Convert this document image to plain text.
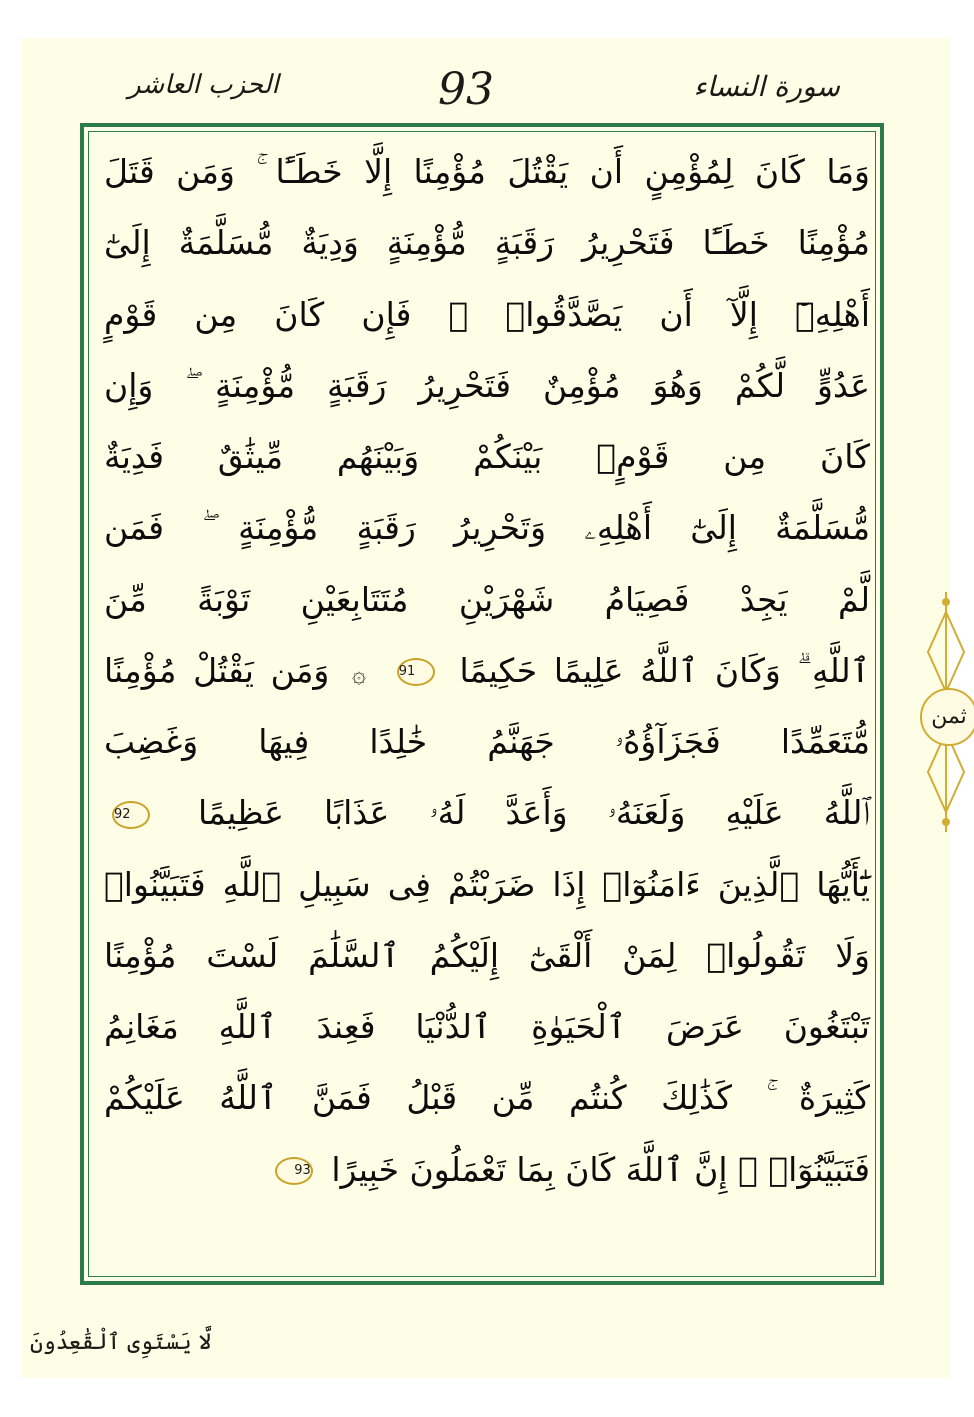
الحزب العاشر	93	سورة النساء
وَمَا كَانَ لِمُؤْمِنٍ أَن يَقْتُلَ مُؤْمِنًا إِلَّا خَطَـًٔا ۚ وَمَن قَتَلَ
مُؤْمِنًا خَطَـًٔا فَتَحْرِيرُ رَقَبَةٍ مُّؤْمِنَةٍ وَدِيَةٌ مُّسَلَّمَةٌ إِلَىٰٓ
أَهْلِهِۦٓ إِلَّآ أَن يَصَّدَّقُوا۟ ۚ فَإِن كَانَ مِن قَوْمٍ
عَدُوٍّ لَّكُمْ وَهُوَ مُؤْمِنٌ فَتَحْرِيرُ رَقَبَةٍ مُّؤْمِنَةٍ ۖ وَإِن
كَانَ مِن قَوْمٍۭ بَيْنَكُمْ وَبَيْنَهُم مِّيثَٰقٌ فَدِيَةٌ
مُّسَلَّمَةٌ إِلَىٰٓ أَهْلِهِۦ وَتَحْرِيرُ رَقَبَةٍ مُّؤْمِنَةٍ ۖ فَمَن
لَّمْ يَجِدْ فَصِيَامُ شَهْرَيْنِ مُتَتَابِعَيْنِ تَوْبَةً مِّنَ
ٱللَّهِ ۗ وَكَانَ ٱللَّهُ عَلِيمًا حَكِيمًا 91 ۞ وَمَن يَقْتُلْ مُؤْمِنًا
مُّتَعَمِّدًا فَجَزَآؤُهُۥ جَهَنَّمُ خَٰلِدًا فِيهَا وَغَضِبَ
ٱللَّهُ عَلَيْهِ وَلَعَنَهُۥ وَأَعَدَّ لَهُۥ عَذَابًا عَظِيمًا 92
يَٰٓأَيُّهَا ٱلَّذِينَ ءَامَنُوٓا۟ إِذَا ضَرَبْتُمْ فِى سَبِيلِ ٱللَّهِ فَتَبَيَّنُوا۟
وَلَا تَقُولُوا۟ لِمَنْ أَلْقَىٰٓ إِلَيْكُمُ ٱلسَّلَٰمَ لَسْتَ مُؤْمِنًا
تَبْتَغُونَ عَرَضَ ٱلْحَيَوٰةِ ٱلدُّنْيَا فَعِندَ ٱللَّهِ مَغَانِمُ
كَثِيرَةٌ ۚ كَذَٰلِكَ كُنتُم مِّن قَبْلُ فَمَنَّ ٱللَّهُ عَلَيْكُمْ
فَتَبَيَّنُوٓا۟ ۚ إِنَّ ٱللَّهَ كَانَ بِمَا تَعْمَلُونَ خَبِيرًا 93
ثمن
لَّا يَسْتَوِى ٱلْقَٰعِدُونَ
